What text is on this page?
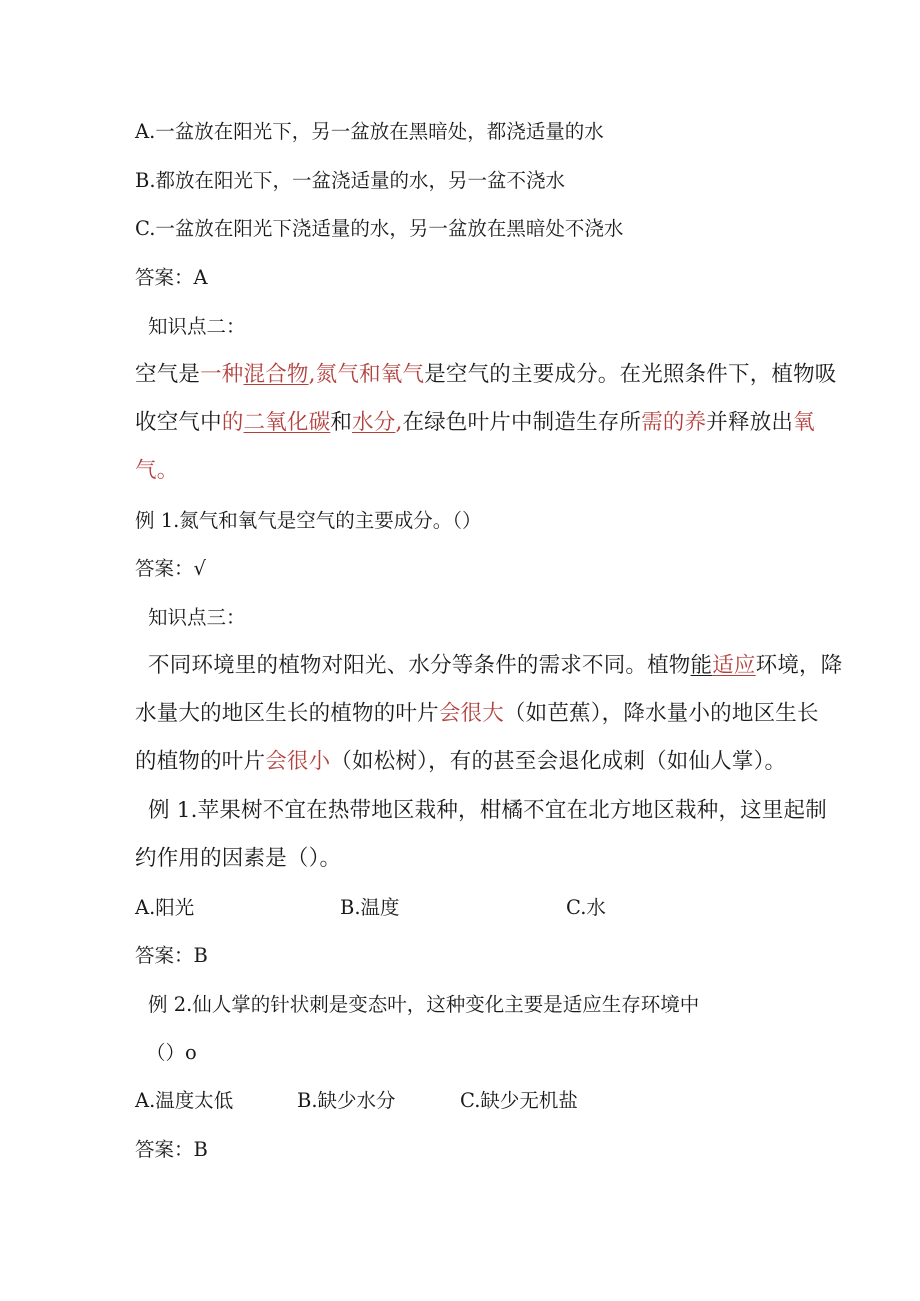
A.一盆放在阳光下，另一盆放在黑暗处，都浇适量的水
B.都放在阳光下，一盆浇适量的水，另一盆不浇水
C.一盆放在阳光下浇适量的水，另一盆放在黑暗处不浇水
答案：A
知识点二：
空气是一种混合物,氮气和氧气是空气的主要成分。在光照条件下，植物吸
收空气中的二氧化碳和水分,在绿色叶片中制造生存所需的养并释放出氧
气。
例 1.氮气和氧气是空气的主要成分。（）
答案：√
知识点三：
不同环境里的植物对阳光、水分等条件的需求不同。植物能适应环境，降
水量大的地区生长的植物的叶片会很大（如芭蕉），降水量小的地区生长
的植物的叶片会很小（如松树），有的甚至会退化成刺（如仙人掌）。
例 1.苹果树不宜在热带地区栽种，柑橘不宜在北方地区栽种，这里起制
约作用的因素是（）。
A.阳光	B.温度	C.水
答案：B
例 2.仙人掌的针状刺是变态叶，这种变化主要是适应生存环境中
（）o
A.温度太低	B.缺少水分	C.缺少无机盐
答案：B
